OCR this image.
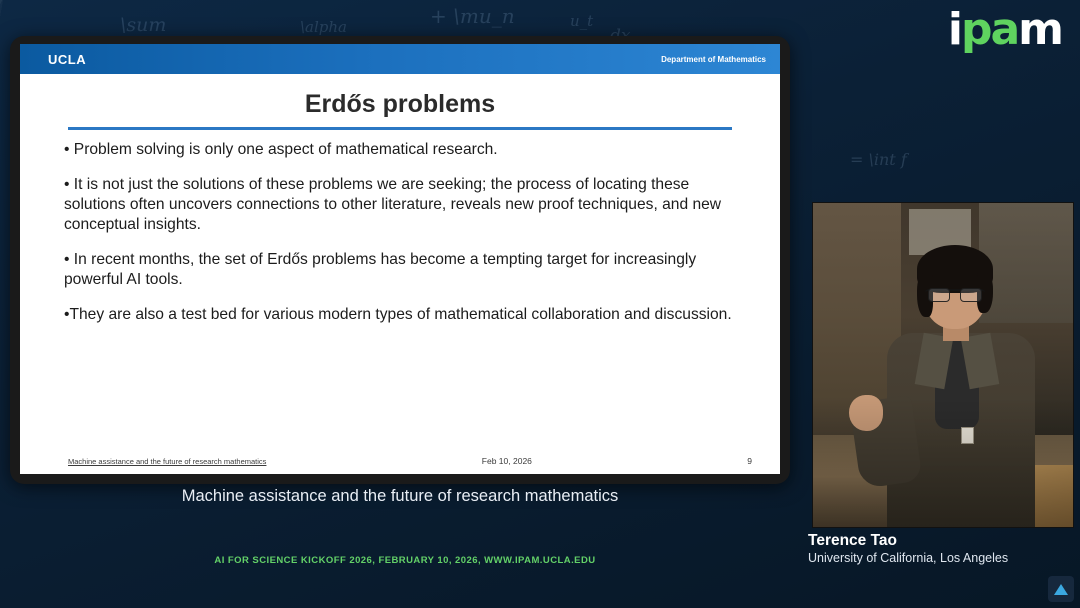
+ \mu_n
\sum
= \int f
u_t
\alpha	i pa m
UCLA	Department of Mathematics
Erdős problems

• Problem solving is only one aspect of mathematical research.

• It is not just the solutions of these problems we are seeking; the process of locating these solutions often uncovers connections to other literature, reveals new proof techniques, and new conceptual insights.

• In recent months, the set of Erdős problems has become a tempting target for increasingly powerful AI tools.

•They are also a test bed for various modern types of mathematical collaboration and discussion.

Machine assistance and the future of research mathematics	Feb 10, 2026	9
Machine assistance and the future of research mathematics
AI FOR SCIENCE KICKOFF 2026, FEBRUARY 10, 2026, WWW.IPAM.UCLA.EDU
Terence Tao
University of California, Los Angeles
